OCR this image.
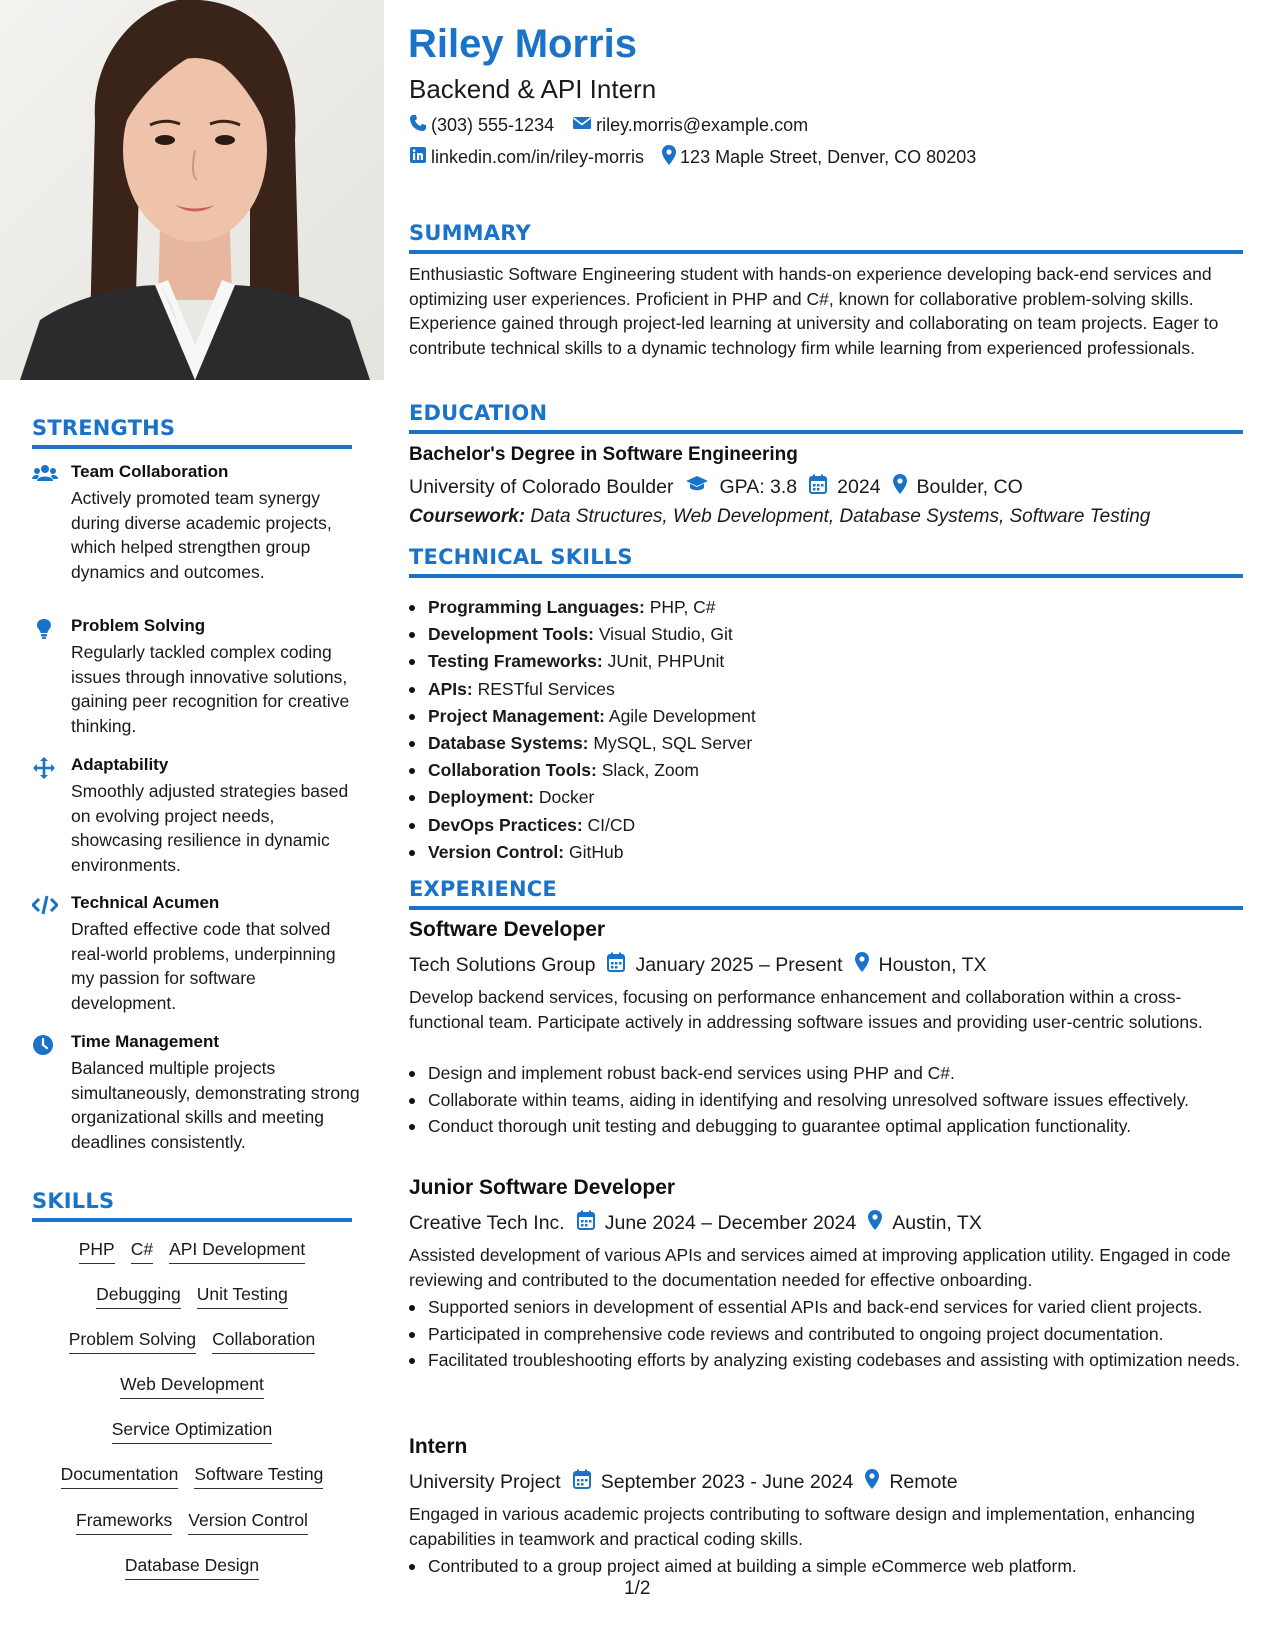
STRENGTHS
Team Collaboration
Actively promoted team synergy during diverse academic projects, which helped strengthen group dynamics and outcomes.
Problem Solving
Regularly tackled complex coding issues through innovative solutions, gaining peer recognition for creative thinking.
Adaptability
Smoothly adjusted strategies based on evolving project needs, showcasing resilience in dynamic environments.
Technical Acumen
Drafted effective code that solved real-world problems, underpinning my passion for software development.
Time Management
Balanced multiple projects simultaneously, demonstrating strong organizational skills and meeting deadlines consistently.
SKILLS
PHP C# API Development
Debugging Unit Testing
Problem Solving Collaboration
Web Development
Service Optimization
Documentation Software Testing
Frameworks Version Control
Database Design
Riley Morris
Backend & API Intern
(303) 555-1234 riley.morris@example.com
linkedin.com/in/riley-morris 123 Maple Street, Denver, CO 80203
SUMMARY
Enthusiastic Software Engineering student with hands-on experience developing back-end services and optimizing user experiences. Proficient in PHP and C#, known for collaborative problem-solving skills. Experience gained through project-led learning at university and collaborating on team projects. Eager to contribute technical skills to a dynamic technology firm while learning from experienced professionals.
EDUCATION
Bachelor's Degree in Software Engineering
University of Colorado Boulder GPA: 3.8 2024 Boulder, CO
Coursework: Data Structures, Web Development, Database Systems, Software Testing
TECHNICAL SKILLS
Programming Languages: PHP, C#
Development Tools: Visual Studio, Git
Testing Frameworks: JUnit, PHPUnit
APIs: RESTful Services
Project Management: Agile Development
Database Systems: MySQL, SQL Server
Collaboration Tools: Slack, Zoom
Deployment: Docker
DevOps Practices: CI/CD
Version Control: GitHub
EXPERIENCE
Software Developer
Tech Solutions Group January 2025 – Present Houston, TX
Develop backend services, focusing on performance enhancement and collaboration within a cross-functional team. Participate actively in addressing software issues and providing user-centric solutions.
Design and implement robust back-end services using PHP and C#.
Collaborate within teams, aiding in identifying and resolving unresolved software issues effectively.
Conduct thorough unit testing and debugging to guarantee optimal application functionality.
Junior Software Developer
Creative Tech Inc. June 2024 – December 2024 Austin, TX
Assisted development of various APIs and services aimed at improving application utility. Engaged in code reviewing and contributed to the documentation needed for effective onboarding.
Supported seniors in development of essential APIs and back-end services for varied client projects.
Participated in comprehensive code reviews and contributed to ongoing project documentation.
Facilitated troubleshooting efforts by analyzing existing codebases and assisting with optimization needs.
Intern
University Project September 2023 - June 2024 Remote
Engaged in various academic projects contributing to software design and implementation, enhancing capabilities in teamwork and practical coding skills.
Contributed to a group project aimed at building a simple eCommerce web platform.
1/2
